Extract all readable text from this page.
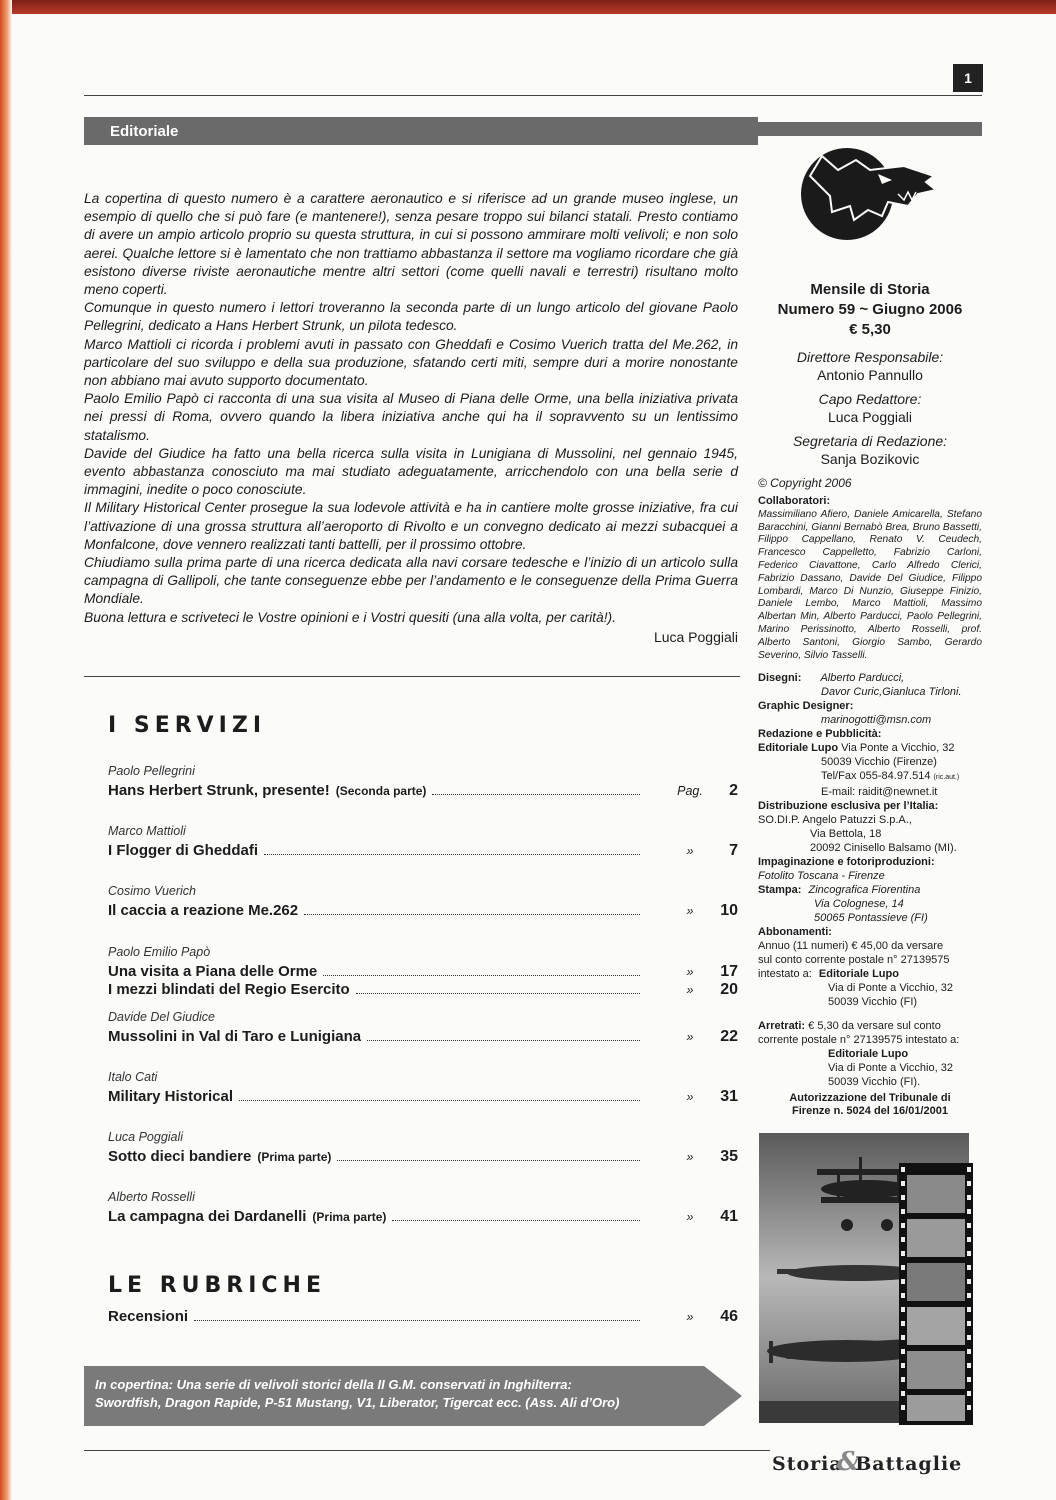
1
Editoriale

La copertina di questo numero è a carattere aeronautico e si riferisce ad un grande museo inglese, un esempio di quello che si può fare (e mantenere!), senza pesare troppo sui bilanci statali. Presto contiamo di avere un ampio articolo proprio su questa struttura, in cui si possono ammirare molti velivoli; e non solo aerei. Qualche lettore si è lamentato che non trattiamo abbastanza il settore ma vogliamo ricordare che già esistono diverse riviste aeronautiche mentre altri settori (come quelli navali e terrestri) risultano molto meno coperti.

Comunque in questo numero i lettori troveranno la seconda parte di un lungo articolo del giovane Paolo Pellegrini, dedicato a Hans Herbert Strunk, un pilota tedesco.

Marco Mattioli ci ricorda i problemi avuti in passato con Gheddafi e Cosimo Vuerich tratta del Me.262, in particolare del suo sviluppo e della sua produzione, sfatando certi miti, sempre duri a morire nonostante non abbiano mai avuto supporto documentato.

Paolo Emilio Papò ci racconta di una sua visita al Museo di Piana delle Orme, una bella iniziativa privata nei pressi di Roma, ovvero quando la libera iniziativa anche qui ha il sopravvento su un lentissimo statalismo.

Davide del Giudice ha fatto una bella ricerca sulla visita in Lunigiana di Mussolini, nel gennaio 1945, evento abbastanza conosciuto ma mai studiato adeguatamente, arricchendolo con una bella serie d immagini, inedite o poco conosciute.

Il Military Historical Center prosegue la sua lodevole attività e ha in cantiere molte grosse iniziative, fra cui l’attivazione di una grossa struttura all’aeroporto di Rivolto e un convegno dedicato ai mezzi subacquei a Monfalcone, dove vennero realizzati tanti battelli, per il prossimo ottobre.

Chiudiamo sulla prima parte di una ricerca dedicata alla navi corsare tedesche e l’inizio di un articolo sulla campagna di Gallipoli, che tante conseguenze ebbe per l’andamento e le conseguenze della Prima Guerra Mondiale.

Buona lettura e scriveteci le Vostre opinioni e i Vostri quesiti (una alla volta, per carità!).

Luca Poggiali
I SERVIZI
Paolo Pellegrini
Hans Herbert Strunk, presente! (Seconda parte)	Pag.	2
Marco Mattioli
I Flogger di Gheddafi	»	7
Cosimo Vuerich
Il caccia a reazione Me.262	»	10
Paolo Emilio Papò
Una visita a Piana delle Orme	»	17
I mezzi blindati del Regio Esercito	»	20
Davide Del Giudice
Mussolini in Val di Taro e Lunigiana	»	22
Italo Cati
Military Historical	»	31
Luca Poggiali
Sotto dieci bandiere (Prima parte)	»	35
Alberto Rosselli
La campagna dei Dardanelli (Prima parte)	»	41
LE RUBRICHE
Recensioni	»	46
In copertina: Una serie di velivoli storici della II G.M. conservati in Inghilterra:
Swordfish, Dragon Rapide, P-51 Mustang, V1, Liberator, Tigercat ecc. (Ass. Ali d’Oro)
Mensile di Storia
Numero 59 ~ Giugno 2006
€ 5,30
Direttore Responsabile:
Antonio Pannullo
Capo Redattore:
Luca Poggiali
Segretaria di Redazione:
Sanja Bozikovic
© Copyright 2006
Collaboratori:
Massimiliano Afiero, Daniele Amicarella, Stefano Baracchini, Gianni Bernabò Brea, Bruno Bassetti, Filippo Cappellano, Renato V. Ceudech, Francesco Cappelletto, Fabrizio Carloni, Federico Ciavattone, Carlo Alfredo Clerici, Fabrizio Dassano, Davide Del Giudice, Filippo Lombardi, Marco Di Nunzio, Giuseppe Finizio, Daniele Lembo, Marco Mattioli, Massimo Albertan Min, Alberto Parducci, Paolo Pellegrini, Marino Perissinotto, Alberto Rosselli, prof. Alberto Santoni, Giorgio Sambo, Gerardo Severino, Silvio Tasselli.
Disegni: Alberto Parducci,
Davor Curic,Gianluca Tirloni.
Graphic Designer:
marinogotti@msn.com
Redazione e Pubblicità:
Editoriale Lupo Via Ponte a Vicchio, 32
50039 Vicchio (Firenze)
Tel/Fax 055-84.97.514 (ric.aut.)
E-mail: raidit@newnet.it
Distribuzione esclusiva per l’Italia:
SO.DI.P. Angelo Patuzzi S.p.A.,
Via Bettola, 18
20092 Cinisello Balsamo (MI).
Impaginazione e fotoriproduzioni:
Fotolito Toscana - Firenze
Stampa: Zincografica Fiorentina
Via Colognese, 14
50065 Pontassieve (FI)
Abbonamenti:
Annuo (11 numeri) € 45,00 da versare
sul conto corrente postale n° 27139575
intestato a: Editoriale Lupo
Via di Ponte a Vicchio, 32
50039 Vicchio (FI)
Arretrati: € 5,30 da versare sul conto
corrente postale n° 27139575 intestato a:
Editoriale Lupo
Via di Ponte a Vicchio, 32
50039 Vicchio (FI).
Autorizzazione del Tribunale di
Firenze n. 5024 del 16/01/2001
Storia&Battaglie
